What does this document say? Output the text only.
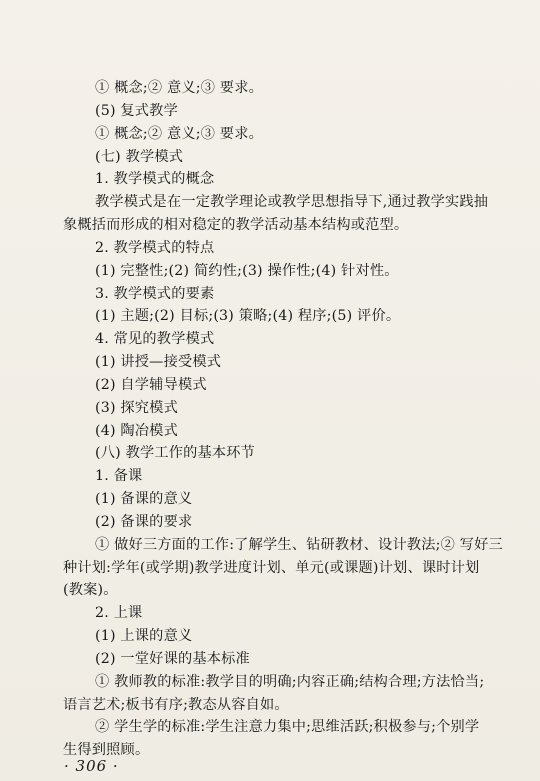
① 概念;② 意义;③ 要求。
(5) 复式教学
① 概念;② 意义;③ 要求。
(七) 教学模式
1. 教学模式的概念
教学模式是在一定教学理论或教学思想指导下,通过教学实践抽
象概括而形成的相对稳定的教学活动基本结构或范型。
2. 教学模式的特点
(1) 完整性;(2) 简约性;(3) 操作性;(4) 针对性。
3. 教学模式的要素
(1) 主题;(2) 目标;(3) 策略;(4) 程序;(5) 评价。
4. 常见的教学模式
(1) 讲授—接受模式
(2) 自学辅导模式
(3) 探究模式
(4) 陶冶模式
(八) 教学工作的基本环节
1. 备课
(1) 备课的意义
(2) 备课的要求
① 做好三方面的工作:了解学生、钻研教材、设计教法;② 写好三
种计划:学年(或学期)教学进度计划、单元(或课题)计划、课时计划
(教案)。
2. 上课
(1) 上课的意义
(2) 一堂好课的基本标准
① 教师教的标准:教学目的明确;内容正确;结构合理;方法恰当;
语言艺术;板书有序;教态从容自如。
② 学生学的标准:学生注意力集中;思维活跃;积极参与;个别学
生得到照顾。
· 306 ·
